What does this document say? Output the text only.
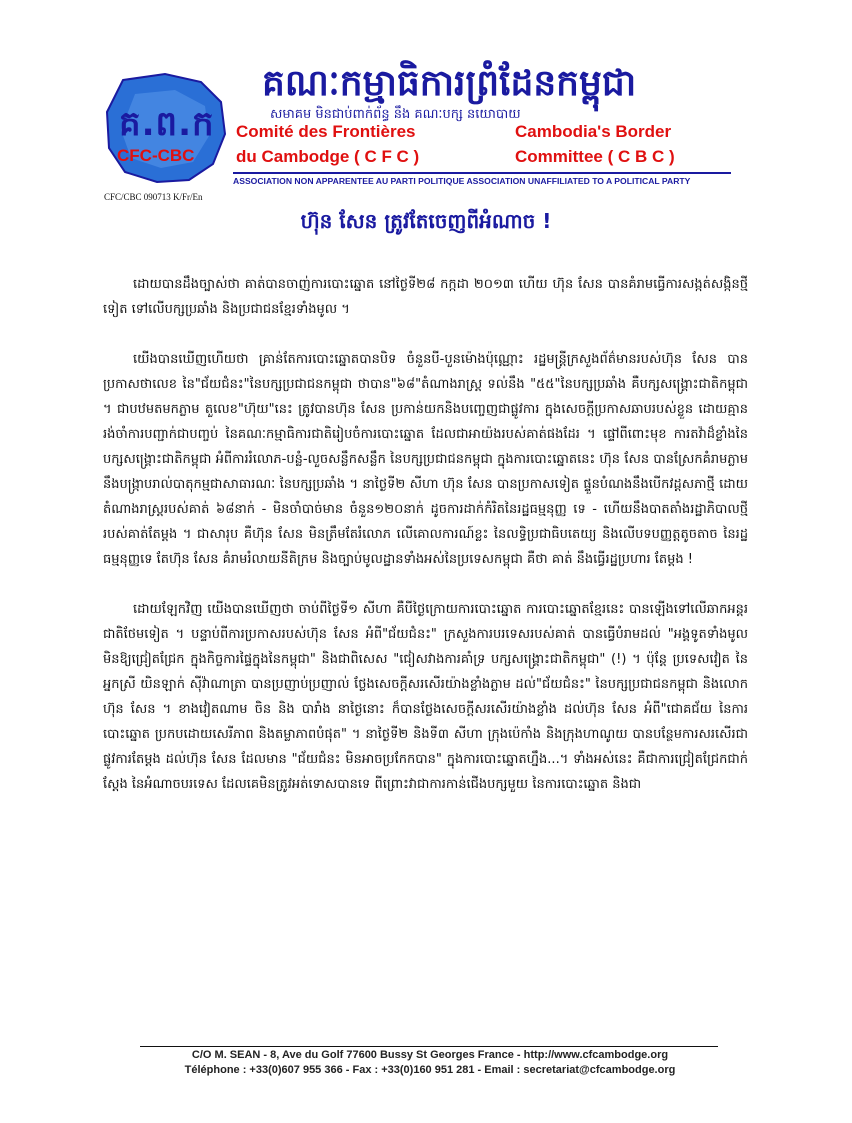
គ.ព.ក
CFC-CBC
គណៈកម្មាធិការព្រំដែនកម្ពុជា
សមាគម មិនជាប់ពាក់ព័ន្ធ នឹង គណៈបក្ស នយោបាយ
Comité des Frontières
du Cambodge ( C F C )
Cambodia's Border
Committee ( C B C )
ASSOCIATION NON APPARENTEE AU PARTI POLITIQUE ASSOCIATION UNAFFILIATED TO A POLITICAL PARTY
CFC/CBC 090713 K/Fr/En
ហ៊ុន សែន ត្រូវតែចេញពីអំណាច !

ដោយបានដឹងច្បាស់ថា គាត់បានចាញ់ការបោះឆ្នោត នៅថ្ងៃទី២៨ កក្កដា ២០១៣ ហើយ ហ៊ុន សែន បានគំរាមធ្វើការសង្កត់សង្កិនថ្មីទៀត ទៅលើបក្សប្រឆាំង និងប្រជាជនខ្មែរទាំងមូល ។

យើងបានឃើញហើយថា គ្រាន់តែការបោះឆ្នោតបានបិទ ចំនួនបី-បួនម៉ោងប៉ុណ្ណោះ រដ្ឋមន្ត្រីក្រសួងព័ត៌មានរបស់ហ៊ុន សែន បានប្រកាសថាលេខ នៃ"ជ័យជំនះ"នៃបក្សប្រជាជនកម្ពុជា ថាបាន"៦៨"តំណាងរាស្ត្រ ទល់នឹង "៥៥"នៃបក្សប្រឆាំង គឺបក្សសង្គ្រោះជាតិកម្ពុជា ។ ជាបឋមតមកភ្លាម តួលេខ"ហ៊ុយ"នេះ ត្រូវបានហ៊ុន សែន ប្រកាន់យកនិងបញ្ចេញជាផ្លូវការ ក្នុងសេចក្តីប្រកាសឆាបរបស់ខ្លួន ដោយគ្មានរង់ចាំការបញ្ជាក់ជាបញ្ចប់ នៃគណៈកម្មាធិការជាតិរៀបចំការបោះឆ្នោត ដែលជាអាយ៉ងរបស់គាត់ផងដែរ ។ ផ្ទៅពីពោះមុខ ការតវ៉ាដ៏ខ្លាំងនៃបក្សសង្គ្រោះជាតិកម្ពុជា អំពីការរំលោភ-បន្លំ-លួចសន្លឹកសន្លឹក នៃបក្សប្រជាជនកម្ពុជា ក្នុងការបោះឆ្នោតនេះ ហ៊ុន សែន បានស្រែកគំរាមភ្លាម នឹងបង្ក្រាបរាល់បាតុកម្មជាសាធារណៈ នៃបក្សប្រឆាំង ។ នាថ្ងៃទី២ សីហា ហ៊ុន សែន បានប្រកាសទៀត ផ្ទួនបំណងនឹងបើកវដ្តសភាថ្មី ដោយតំណាងរាស្ត្ររបស់គាត់ ៦៨នាក់ - មិនចាំបាច់មាន ចំនួន១២០នាក់ ដូចការដាក់កំរិតនៃរដ្ឋធម្មនុញ្ញ ទេ - ហើយនឹងបាតតាំងរដ្ឋាភិបាលថ្មីរបស់គាត់តែម្តង ។ ជាសារុប គឺហ៊ុន សែន មិនត្រឹមតែរំលោភ លើគោលការណ៍ខ្លះ នៃលទ្ធិប្រជាធិបតេយ្យ និងលើបទបញ្ញត្តតូចតាច នៃរដ្ឋធម្មនុញ្ញទេ តែហ៊ុន សែន គំរាមរំលាយនីតិក្រម និងច្បាប់មូលដ្ឋានទាំងអស់នៃប្រទេសកម្ពុជា គឺថា គាត់ នឹងធ្វើរដ្ឋប្រហារ តែម្តង !

ដោយឡែកវិញ យើងបានឃើញថា ចាប់ពីថ្ងៃទី១ សីហា គឺបីថ្ងៃក្រោយការបោះឆ្នោត ការបោះឆ្នោតខ្មែរនេះ បានឡើងទៅលើឆាកអន្តរជាតិថែមទៀត ។ បន្ទាប់ពីការប្រកាសរបស់ហ៊ុន សែន អំពី"ជ័យជំនះ" ក្រសួងការបរទេសរបស់គាត់ បានធ្វើបំរាមដល់ "អង្គទូតទាំងមូល មិនឱ្យជ្រៀតជ្រែក ក្នុងកិច្ចការផ្ទៃក្នុងនៃកម្ពុជា" និងជាពិសេស "ជៀសវាងការគាំទ្រ បក្សសង្គ្រោះជាតិកម្ពុជា" (!) ។ ប៉ុន្តែ ប្រទេសវៀត នៃអ្នកស្រី យិនឡាក់ ស៊ីវ៉ាណាត្រា បានប្រញាប់ប្រញាល់ ថ្លែងសេចក្តីសរសើរយ៉ាងខ្លាំងភ្លាម ដល់"ជ័យជំនះ" នៃបក្សប្រជាជនកម្ពុជា និងលោកហ៊ុន សែន ។ ខាងវៀតណាម ចិន និង បារាំង នាថ្ងៃនោះ ក៏បានថ្លែងសេចក្តីសរសើរយ៉ាងខ្លាំង ដល់ហ៊ុន សែន អំពី"ជោគជ័យ នៃការបោះឆ្នោត ប្រកបដោយសេរីភាព និងតម្លាភាពបំផុត" ។ នាថ្ងៃទី២ និងទី៣ សីហា ក្រុងប៉េកាំង និងក្រុងហាណូយ បានបន្ថែមការសរសើរជាផ្លូវការតែម្តង ដល់ហ៊ុន សែន ដែលមាន "ជ័យជំនះ មិនអាចប្រកែកបាន" ក្នុងការបោះឆ្នោតហ្នឹង...។ ទាំងអស់នេះ គឺជាការជ្រៀតជ្រែកជាក់ស្តែង នៃអំណាចបរទេស ដែលគេមិនត្រូវអត់ទោសបានទេ ពីព្រោះវាជាការកាន់ជើងបក្សមួយ នៃការបោះឆ្នោត និងជា

C/O M. SEAN - 8, Ave du Golf 77600 Bussy St Georges France - http://www.cfcambodge.org
Téléphone : +33(0)607 955 366 - Fax : +33(0)160 951 281 - Email : secretariat@cfcambodge.org
